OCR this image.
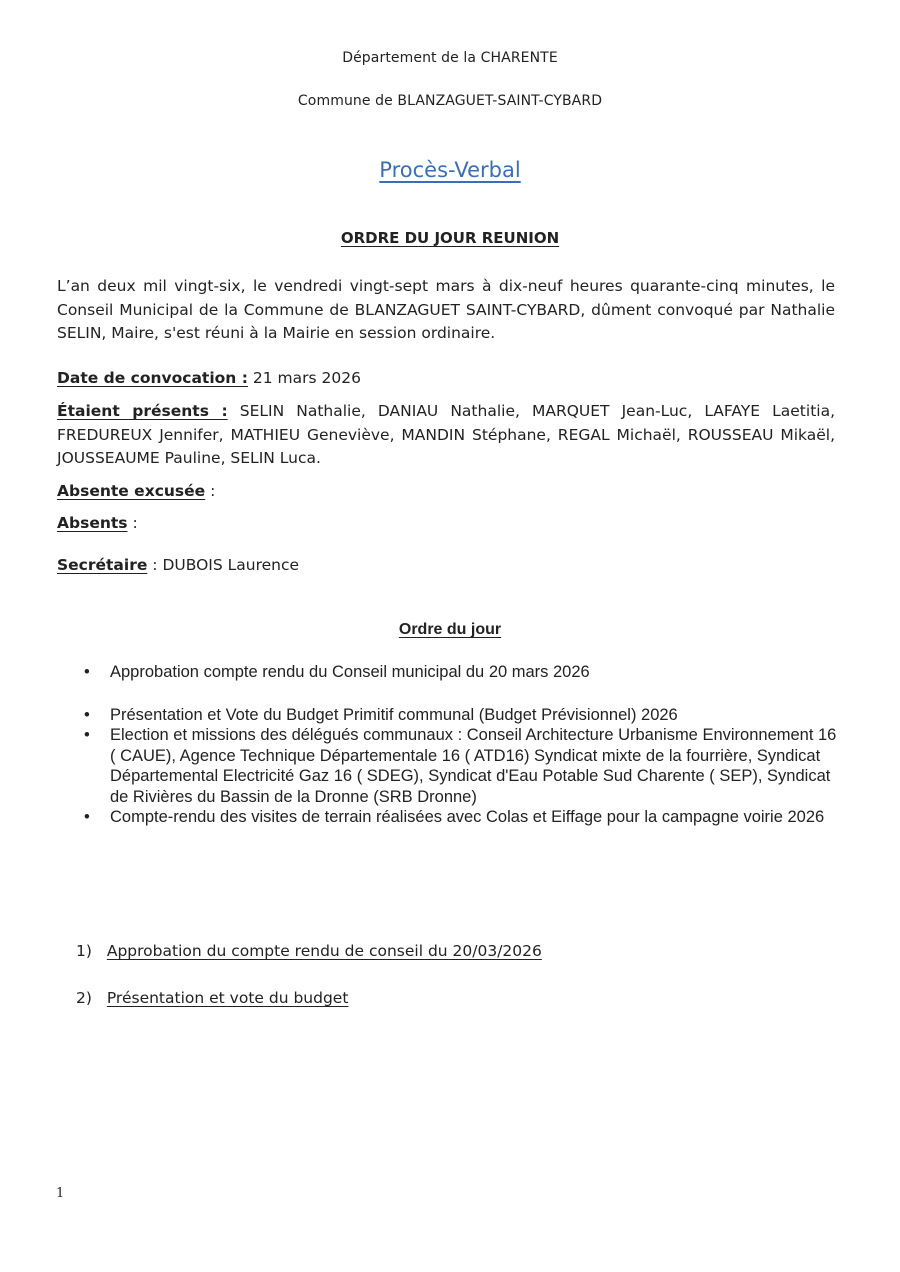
Département de la CHARENTE
Commune de BLANZAGUET-SAINT-CYBARD
Procès-Verbal
ORDRE DU JOUR REUNION
L’an deux mil vingt-six, le vendredi vingt-sept mars à dix-neuf heures quarante-cinq minutes, le Conseil Municipal de la Commune de BLANZAGUET SAINT-CYBARD, dûment convoqué par Nathalie SELIN, Maire, s'est réuni à la Mairie en session ordinaire.
Date de convocation : 21 mars 2026
Étaient présents : SELIN Nathalie, DANIAU Nathalie, MARQUET Jean-Luc, LAFAYE Laetitia, FREDUREUX Jennifer, MATHIEU Geneviève, MANDIN Stéphane, REGAL Michaël, ROUSSEAU Mikaël, JOUSSEAUME Pauline, SELIN Luca.
Absente excusée :
Absents :
Secrétaire : DUBOIS Laurence
Ordre du jour
• Approbation compte rendu du Conseil municipal du 20 mars 2026
• Présentation et Vote du Budget Primitif communal (Budget Prévisionnel) 2026
• Election et missions des délégués communaux : Conseil Architecture Urbanisme Environnement 16 ( CAUE), Agence Technique Départementale 16 ( ATD16) Syndicat mixte de la fourrière, Syndicat Départemental Electricité Gaz 16 ( SDEG), Syndicat d'Eau Potable Sud Charente ( SEP), Syndicat de Rivières du Bassin de la Dronne (SRB Dronne)
• Compte-rendu des visites de terrain réalisées avec Colas et Eiffage pour la campagne voirie 2026
1) Approbation du compte rendu de conseil du 20/03/2026
2) Présentation et vote du budget
1
